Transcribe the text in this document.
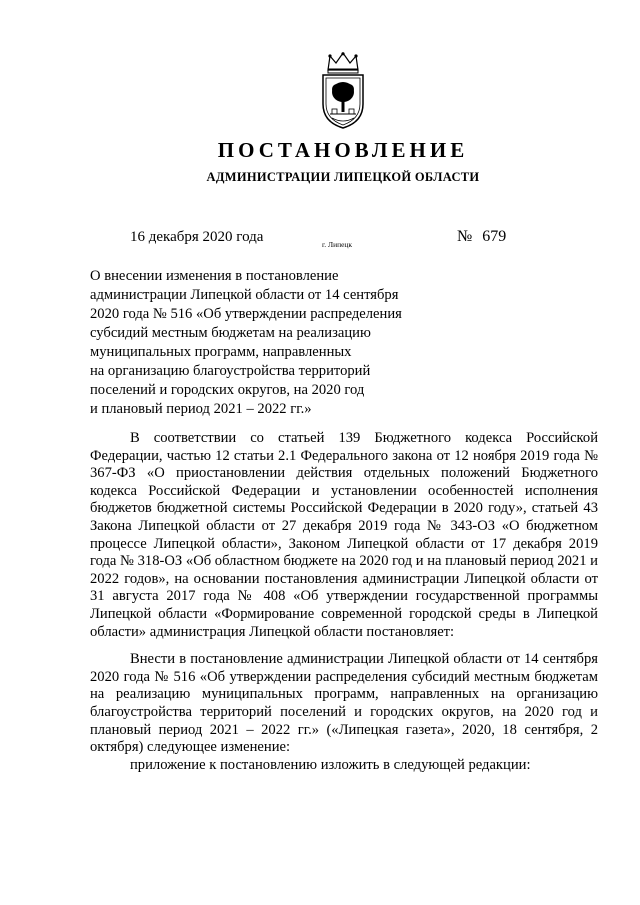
ПОСТАНОВЛЕНИЕ
АДМИНИСТРАЦИИ ЛИПЕЦКОЙ ОБЛАСТИ
16 декабря 2020 года	г. Липецк	№ 679
О внесении изменения в постановление
администрации Липецкой области от 14 сентября
2020 года № 516 «Об утверждении распределения
субсидий местным бюджетам на реализацию
муниципальных программ, направленных
на организацию благоустройства территорий
поселений и городских округов, на 2020 год
и плановый период 2021 – 2022 гг.»

В соответствии со статьей 139 Бюджетного кодекса Российской Федерации, частью 12 статьи 2.1 Федерального закона от 12 ноября 2019 года № 367-ФЗ «О приостановлении действия отдельных положений Бюджетного кодекса Российской Федерации и установлении особенностей исполнения бюджетов бюджетной системы Российской Федерации в 2020 году», статьей 43 Закона Липецкой области от 27 декабря 2019 года № 343-ОЗ «О бюджетном процессе Липецкой области», Законом Липецкой области от 17 декабря 2019 года № 318-ОЗ «Об областном бюджете на 2020 год и на плановый период 2021 и 2022 годов», на основании постановления администрации Липецкой области от 31 августа 2017 года № 408 «Об утверждении государственной программы Липецкой области «Формирование современной городской среды в Липецкой области» администрация Липецкой области постановляет:

Внести в постановление администрации Липецкой области от 14 сентября 2020 года № 516 «Об утверждении распределения субсидий местным бюджетам на реализацию муниципальных программ, направленных на организацию благоустройства территорий поселений и городских округов, на 2020 год и плановый период 2021 – 2022 гг.» («Липецкая газета», 2020, 18 сентября, 2 октября) следующее изменение:

приложение к постановлению изложить в следующей редакции:
